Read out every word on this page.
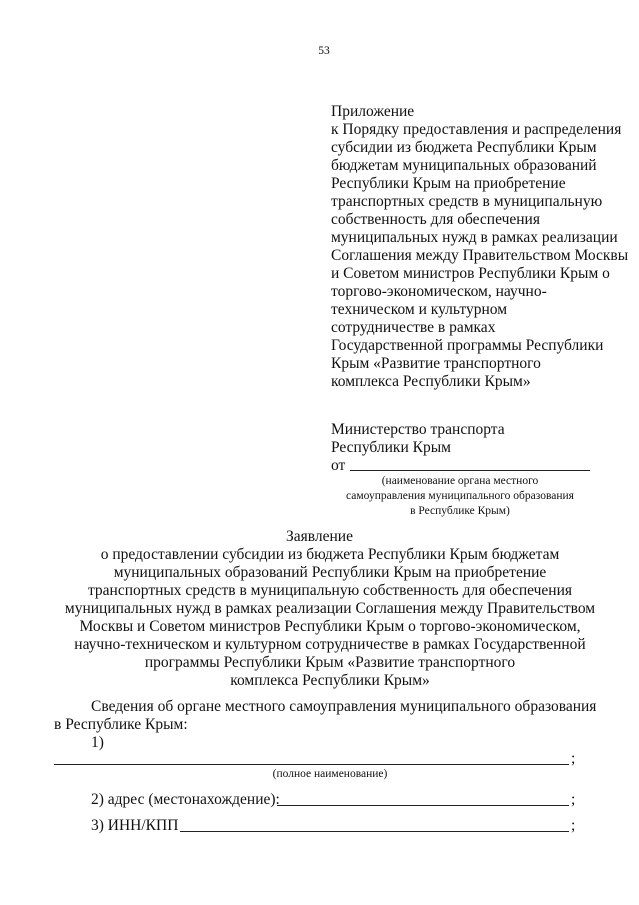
53
Приложение
к Порядку предоставления и распределения
субсидии из бюджета Республики Крым
бюджетам муниципальных образований
Республики Крым на приобретение
транспортных средств в муниципальную
собственность для обеспечения
муниципальных нужд в рамках реализации
Соглашения между Правительством Москвы
и Советом министров Республики Крым о
торгово-экономическом, научно-
техническом и культурном
сотрудничестве в рамках
Государственной программы Республики
Крым «Развитие транспортного
комплекса Республики Крым»
Министерство транспорта
Республики Крым
от
(наименование органа местного
самоуправления муниципального образования
в Республике Крым)
Заявление
о предоставлении субсидии из бюджета Республики Крым бюджетам
муниципальных образований Республики Крым на приобретение
транспортных средств в муниципальную собственность для обеспечения
муниципальных нужд в рамках реализации Соглашения между Правительством
Москвы и Советом министров Республики Крым о торгово-экономическом,
научно-техническом и культурном сотрудничестве в рамках Государственной
программы Республики Крым «Развитие транспортного
комплекса Республики Крым»
Сведения об органе местного самоуправления муниципального образования
в Республике Крым:
1)
;
(полное наименование)
2) адрес (местонахождение):	;
3) ИНН/КПП	;
